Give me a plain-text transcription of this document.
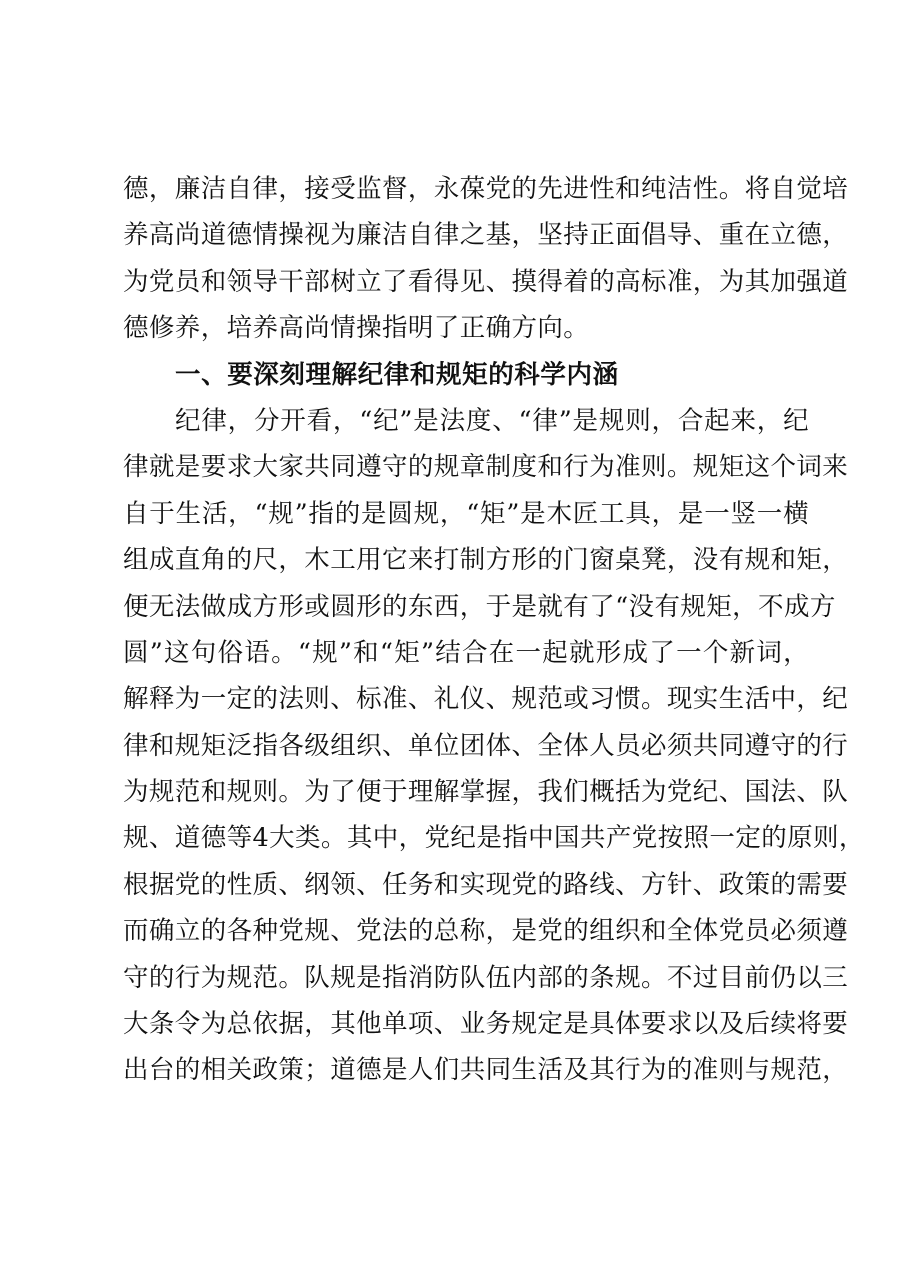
德，廉洁自律，接受监督，永葆党的先进性和纯洁性。将自觉培
养高尚道德情操视为廉洁自律之基，坚持正面倡导、重在立德，
为党员和领导干部树立了看得见、摸得着的高标准，为其加强道
德修养，培养高尚情操指明了正确方向。
一、要深刻理解纪律和规矩的科学内涵
纪律，分开看，“纪”是法度、“律”是规则，合起来，纪
律就是要求大家共同遵守的规章制度和行为准则。规矩这个词来
自于生活，“规”指的是圆规，“矩”是木匠工具，是一竖一横
组成直角的尺，木工用它来打制方形的门窗桌凳，没有规和矩，
便无法做成方形或圆形的东西，于是就有了“没有规矩，不成方
圆”这句俗语。“规”和“矩”结合在一起就形成了一个新词，
解释为一定的法则、标准、礼仪、规范或习惯。现实生活中，纪
律和规矩泛指各级组织、单位团体、全体人员必须共同遵守的行
为规范和规则。为了便于理解掌握，我们概括为党纪、国法、队
规、道德等4大类。其中，党纪是指中国共产党按照一定的原则，
根据党的性质、纲领、任务和实现党的路线、方针、政策的需要
而确立的各种党规、党法的总称，是党的组织和全体党员必须遵
守的行为规范。队规是指消防队伍内部的条规。不过目前仍以三
大条令为总依据，其他单项、业务规定是具体要求以及后续将要
出台的相关政策；道德是人们共同生活及其行为的准则与规范，
